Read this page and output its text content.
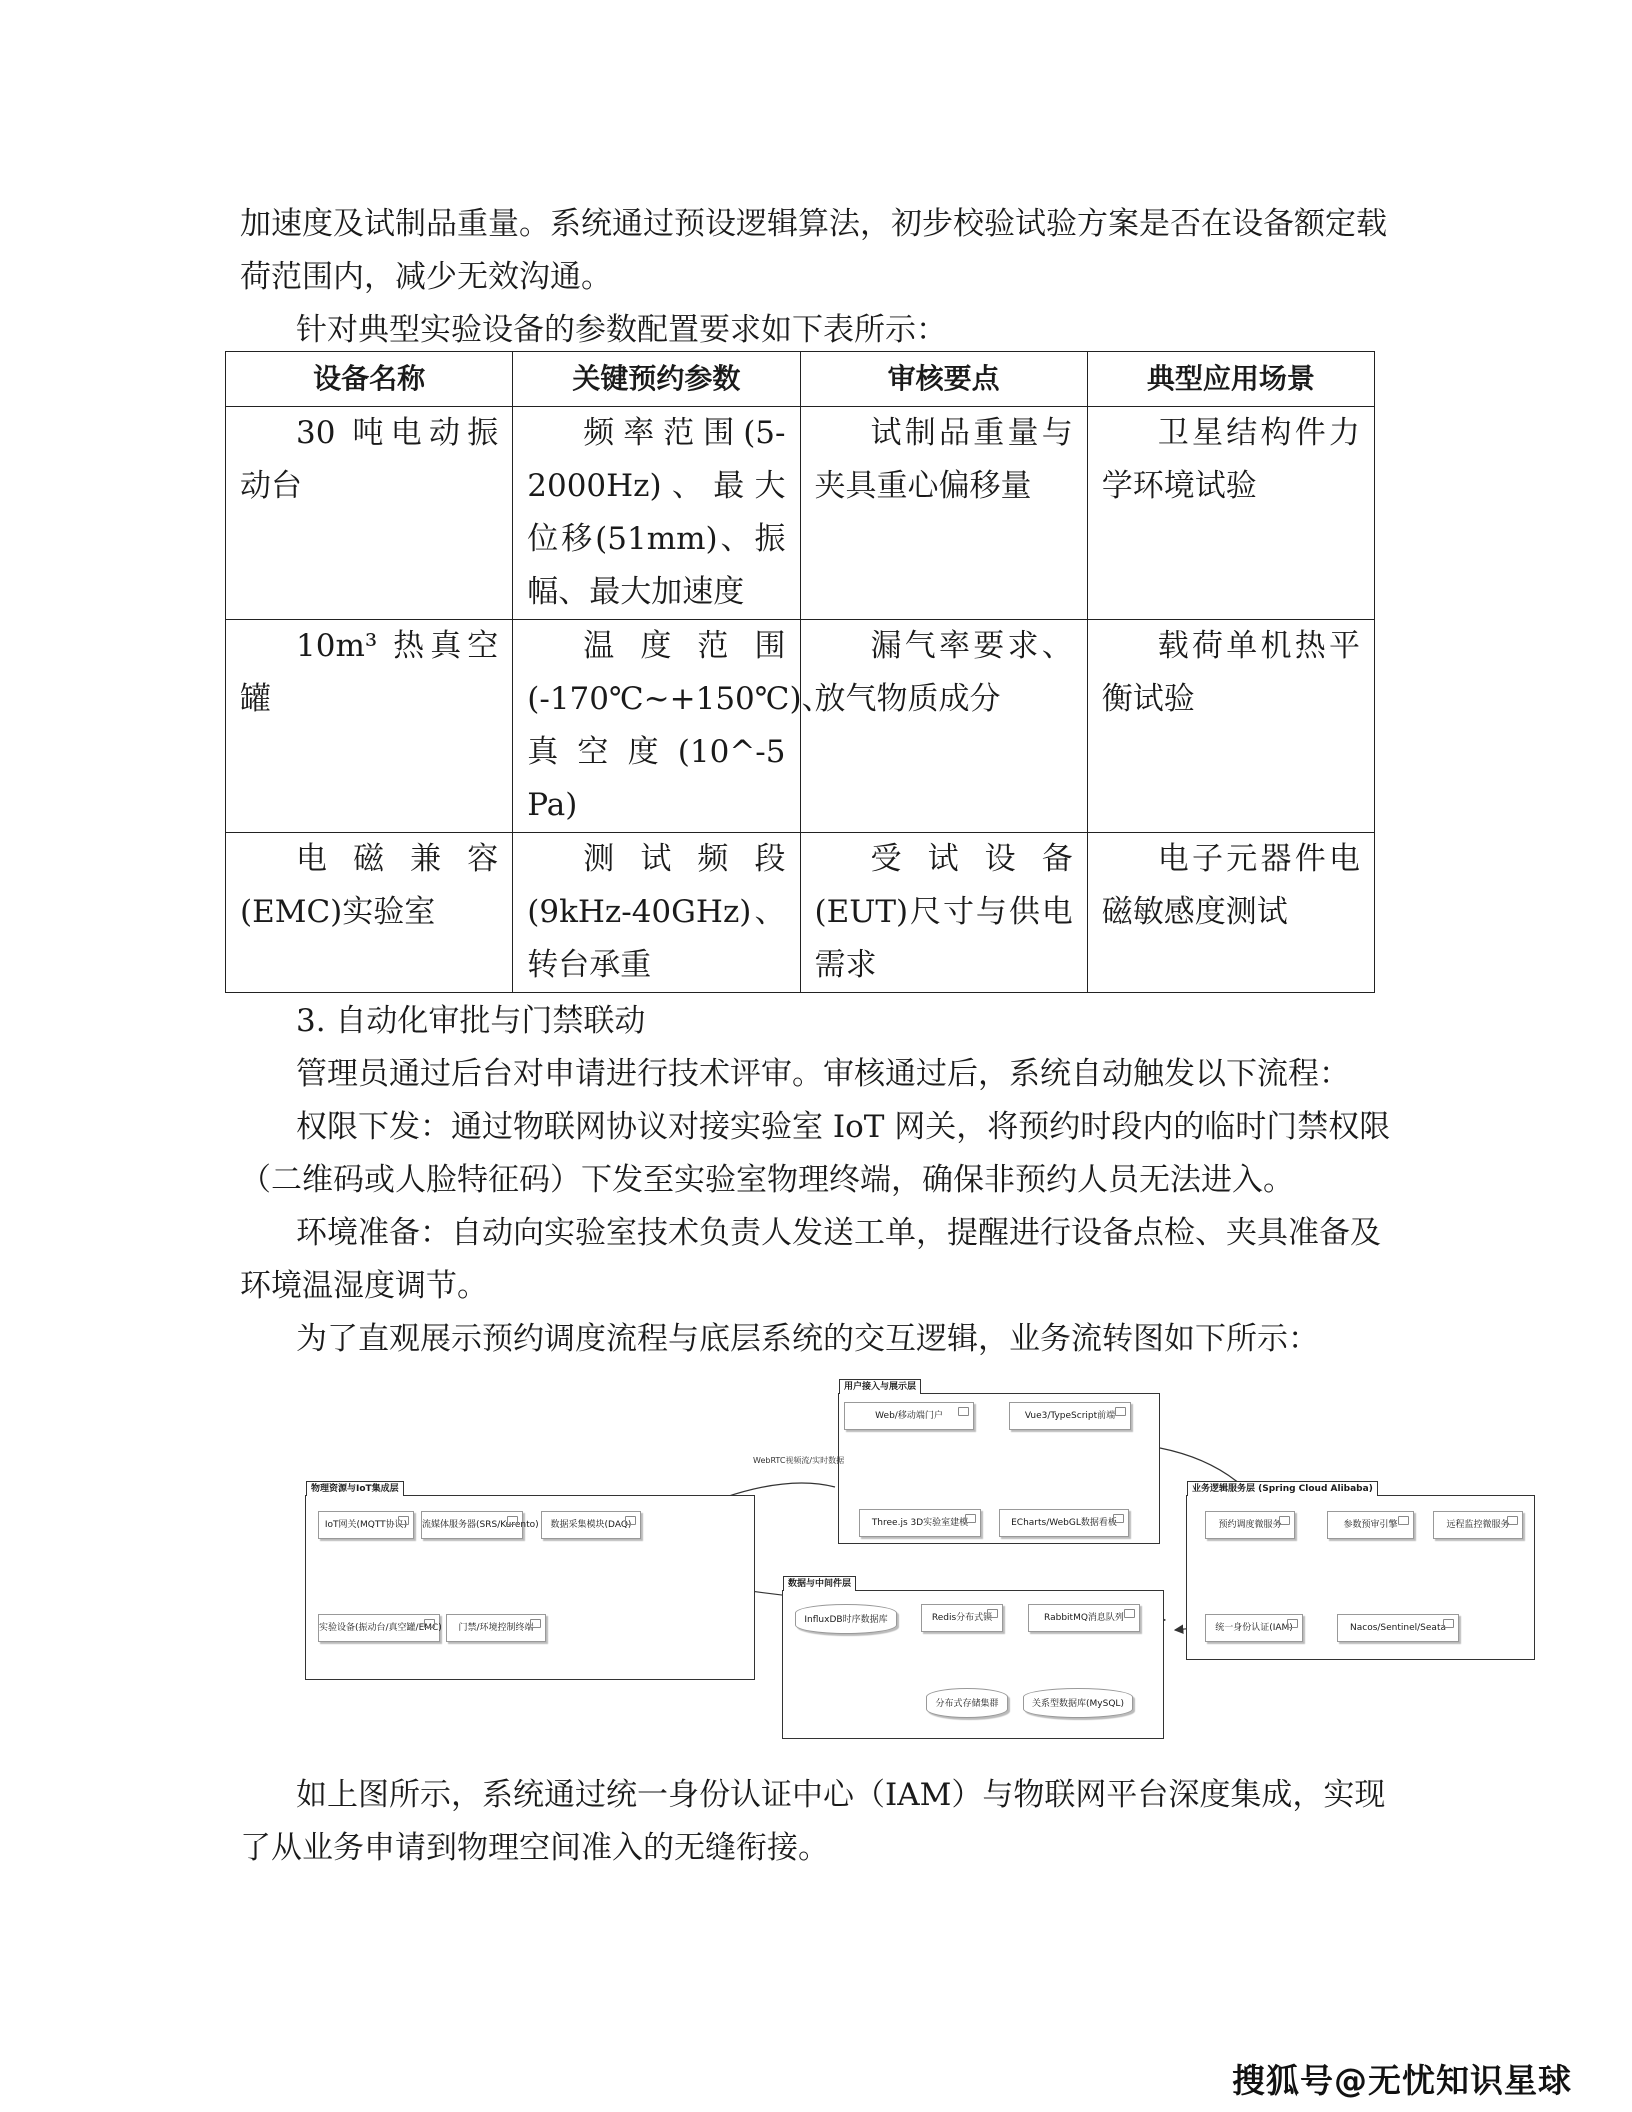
加速度及试制品重量。系统通过预设逻辑算法，初步校验试验方案是否在设备额定载荷范围内，减少无效沟通。

针对典型实验设备的参数配置要求如下表所示：

设备名称	关键预约参数	审核要点	典型应用场景
30 吨电动振动台	频率范围(5-2000Hz)、最大位移(51mm)、振幅、最大加速度	试制品重量与夹具重心偏移量	卫星结构件力学环境试验
10m³ 热真空罐	温度范围(-170℃~+150℃)、真空度(10^-5 Pa)	漏气率要求、放气物质成分	载荷单机热平衡试验
电磁兼容(EMC)实验室	测试频段(9kHz-40GHz)、转台承重	受试设备(EUT)尺寸与供电需求	电子元器件电磁敏感度测试

3. 自动化审批与门禁联动

管理员通过后台对申请进行技术评审。审核通过后，系统自动触发以下流程：

权限下发：通过物联网协议对接实验室 IoT 网关，将预约时段内的临时门禁权限（二维码或人脸特征码）下发至实验室物理终端，确保非预约人员无法进入。

环境准备：自动向实验室技术负责人发送工单，提醒进行设备点检、夹具准备及环境温湿度调节。

为了直观展示预约调度流程与底层系统的交互逻辑，业务流转图如下所示：

用户接入与展示层
Web/移动端门户	Vue3/TypeScript前端
Three.js 3D实验室建模	ECharts/WebGL数据看板
WebRTC视频流/实时数据
物理资源与IoT集成层
IoT网关(MQTT协议)	流媒体服务器(SRS/Kurento)	数据采集模块(DAQ)
实验设备(振动台/真空罐/EMC)	门禁/环境控制终端
业务逻辑服务层 (Spring Cloud Alibaba)
预约调度微服务	参数预审引擎	远程监控微服务
统一身份认证(IAM)	Nacos/Sentinel/Seata
数据与中间件层
InfluxDB时序数据库	Redis分布式锁	RabbitMQ消息队列
分布式存储集群	关系型数据库(MySQL)

如上图所示，系统通过统一身份认证中心（IAM）与物联网平台深度集成，实现了从业务申请到物理空间准入的无缝衔接。

搜狐号@无忧知识星球
